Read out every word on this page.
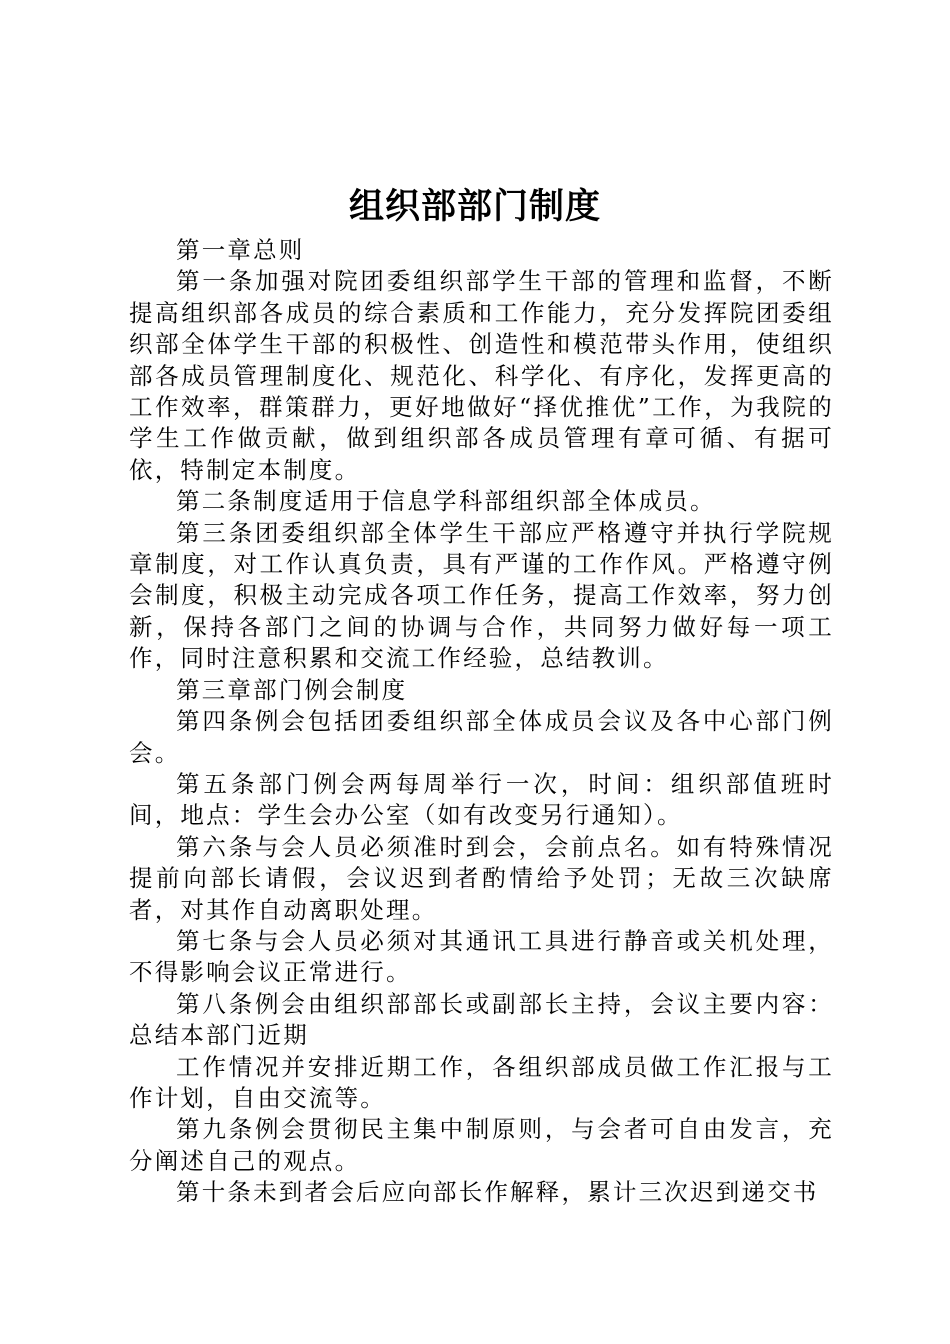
组织部部门制度

第一章总则

第一条加强对院团委组织部学生干部的管理和监督，不断提高组织部各成员的综合素质和工作能力，充分发挥院团委组织部全体学生干部的积极性、创造性和模范带头作用，使组织部各成员管理制度化、规范化、科学化、有序化，发挥更高的工作效率，群策群力，更好地做好“择优推优”工作，为我院的学生工作做贡献，做到组织部各成员管理有章可循、有据可依，特制定本制度。

第二条制度适用于信息学科部组织部全体成员。

第三条团委组织部全体学生干部应严格遵守并执行学院规章制度，对工作认真负责，具有严谨的工作作风。严格遵守例会制度，积极主动完成各项工作任务，提高工作效率，努力创新，保持各部门之间的协调与合作，共同努力做好每一项工作，同时注意积累和交流工作经验，总结教训。

第三章部门例会制度

第四条例会包括团委组织部全体成员会议及各中心部门例会。

第五条部门例会两每周举行一次，时间：组织部值班时间，地点：学生会办公室（如有改变另行通知）。

第六条与会人员必须准时到会，会前点名。如有特殊情况提前向部长请假，会议迟到者酌情给予处罚；无故三次缺席者，对其作自动离职处理。

第七条与会人员必须对其通讯工具进行静音或关机处理，不得影响会议正常进行。

第八条例会由组织部部长或副部长主持，会议主要内容：总结本部门近期

工作情况并安排近期工作，各组织部成员做工作汇报与工作计划，自由交流等。

第九条例会贯彻民主集中制原则，与会者可自由发言，充分阐述自己的观点。

第十条未到者会后应向部长作解释，累计三次迟到递交书
